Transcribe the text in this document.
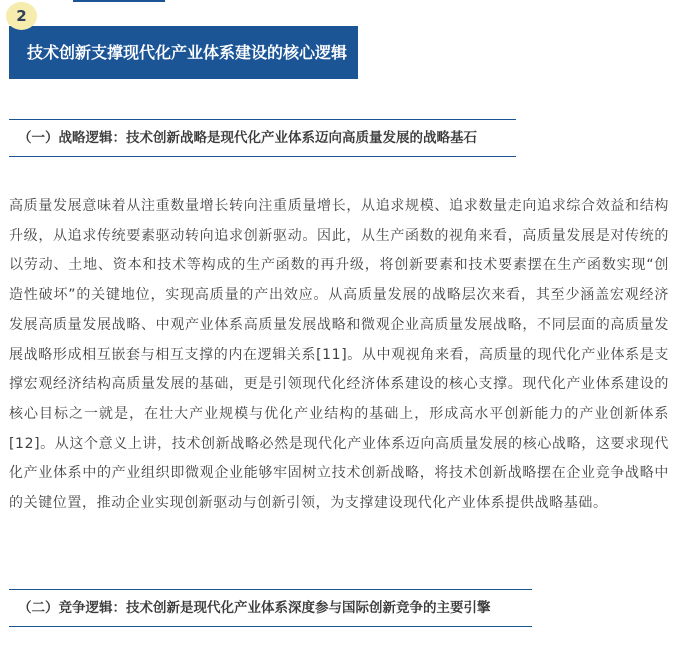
2
技术创新支撑现代化产业体系建设的核心逻辑
（一）战略逻辑：技术创新战略是现代化产业体系迈向高质量发展的战略基石

高质量发展意味着从注重数量增长转向注重质量增长，从追求规模、追求数量走向追求综合效益和结构升级，从追求传统要素驱动转向追求创新驱动。因此，从生产函数的视角来看，高质量发展是对传统的以劳动、土地、资本和技术等构成的生产函数的再升级，将创新要素和技术要素摆在生产函数实现“创造性破坏”的关键地位，实现高质量的产出效应。从高质量发展的战略层次来看，其至少涵盖宏观经济发展高质量发展战略、中观产业体系高质量发展战略和微观企业高质量发展战略，不同层面的高质量发展战略形成相互嵌套与相互支撑的内在逻辑关系[11]。从中观视角来看，高质量的现代化产业体系是支撑宏观经济结构高质量发展的基础，更是引领现代化经济体系建设的核心支撑。现代化产业体系建设的核心目标之一就是，在壮大产业规模与优化产业结构的基础上，形成高水平创新能力的产业创新体系[12]。从这个意义上讲，技术创新战略必然是现代化产业体系迈向高质量发展的核心战略，这要求现代化产业体系中的产业组织即微观企业能够牢固树立技术创新战略，将技术创新战略摆在企业竞争战略中的关键位置，推动企业实现创新驱动与创新引领，为支撑建设现代化产业体系提供战略基础。

（二）竞争逻辑：技术创新是现代化产业体系深度参与国际创新竞争的主要引擎
